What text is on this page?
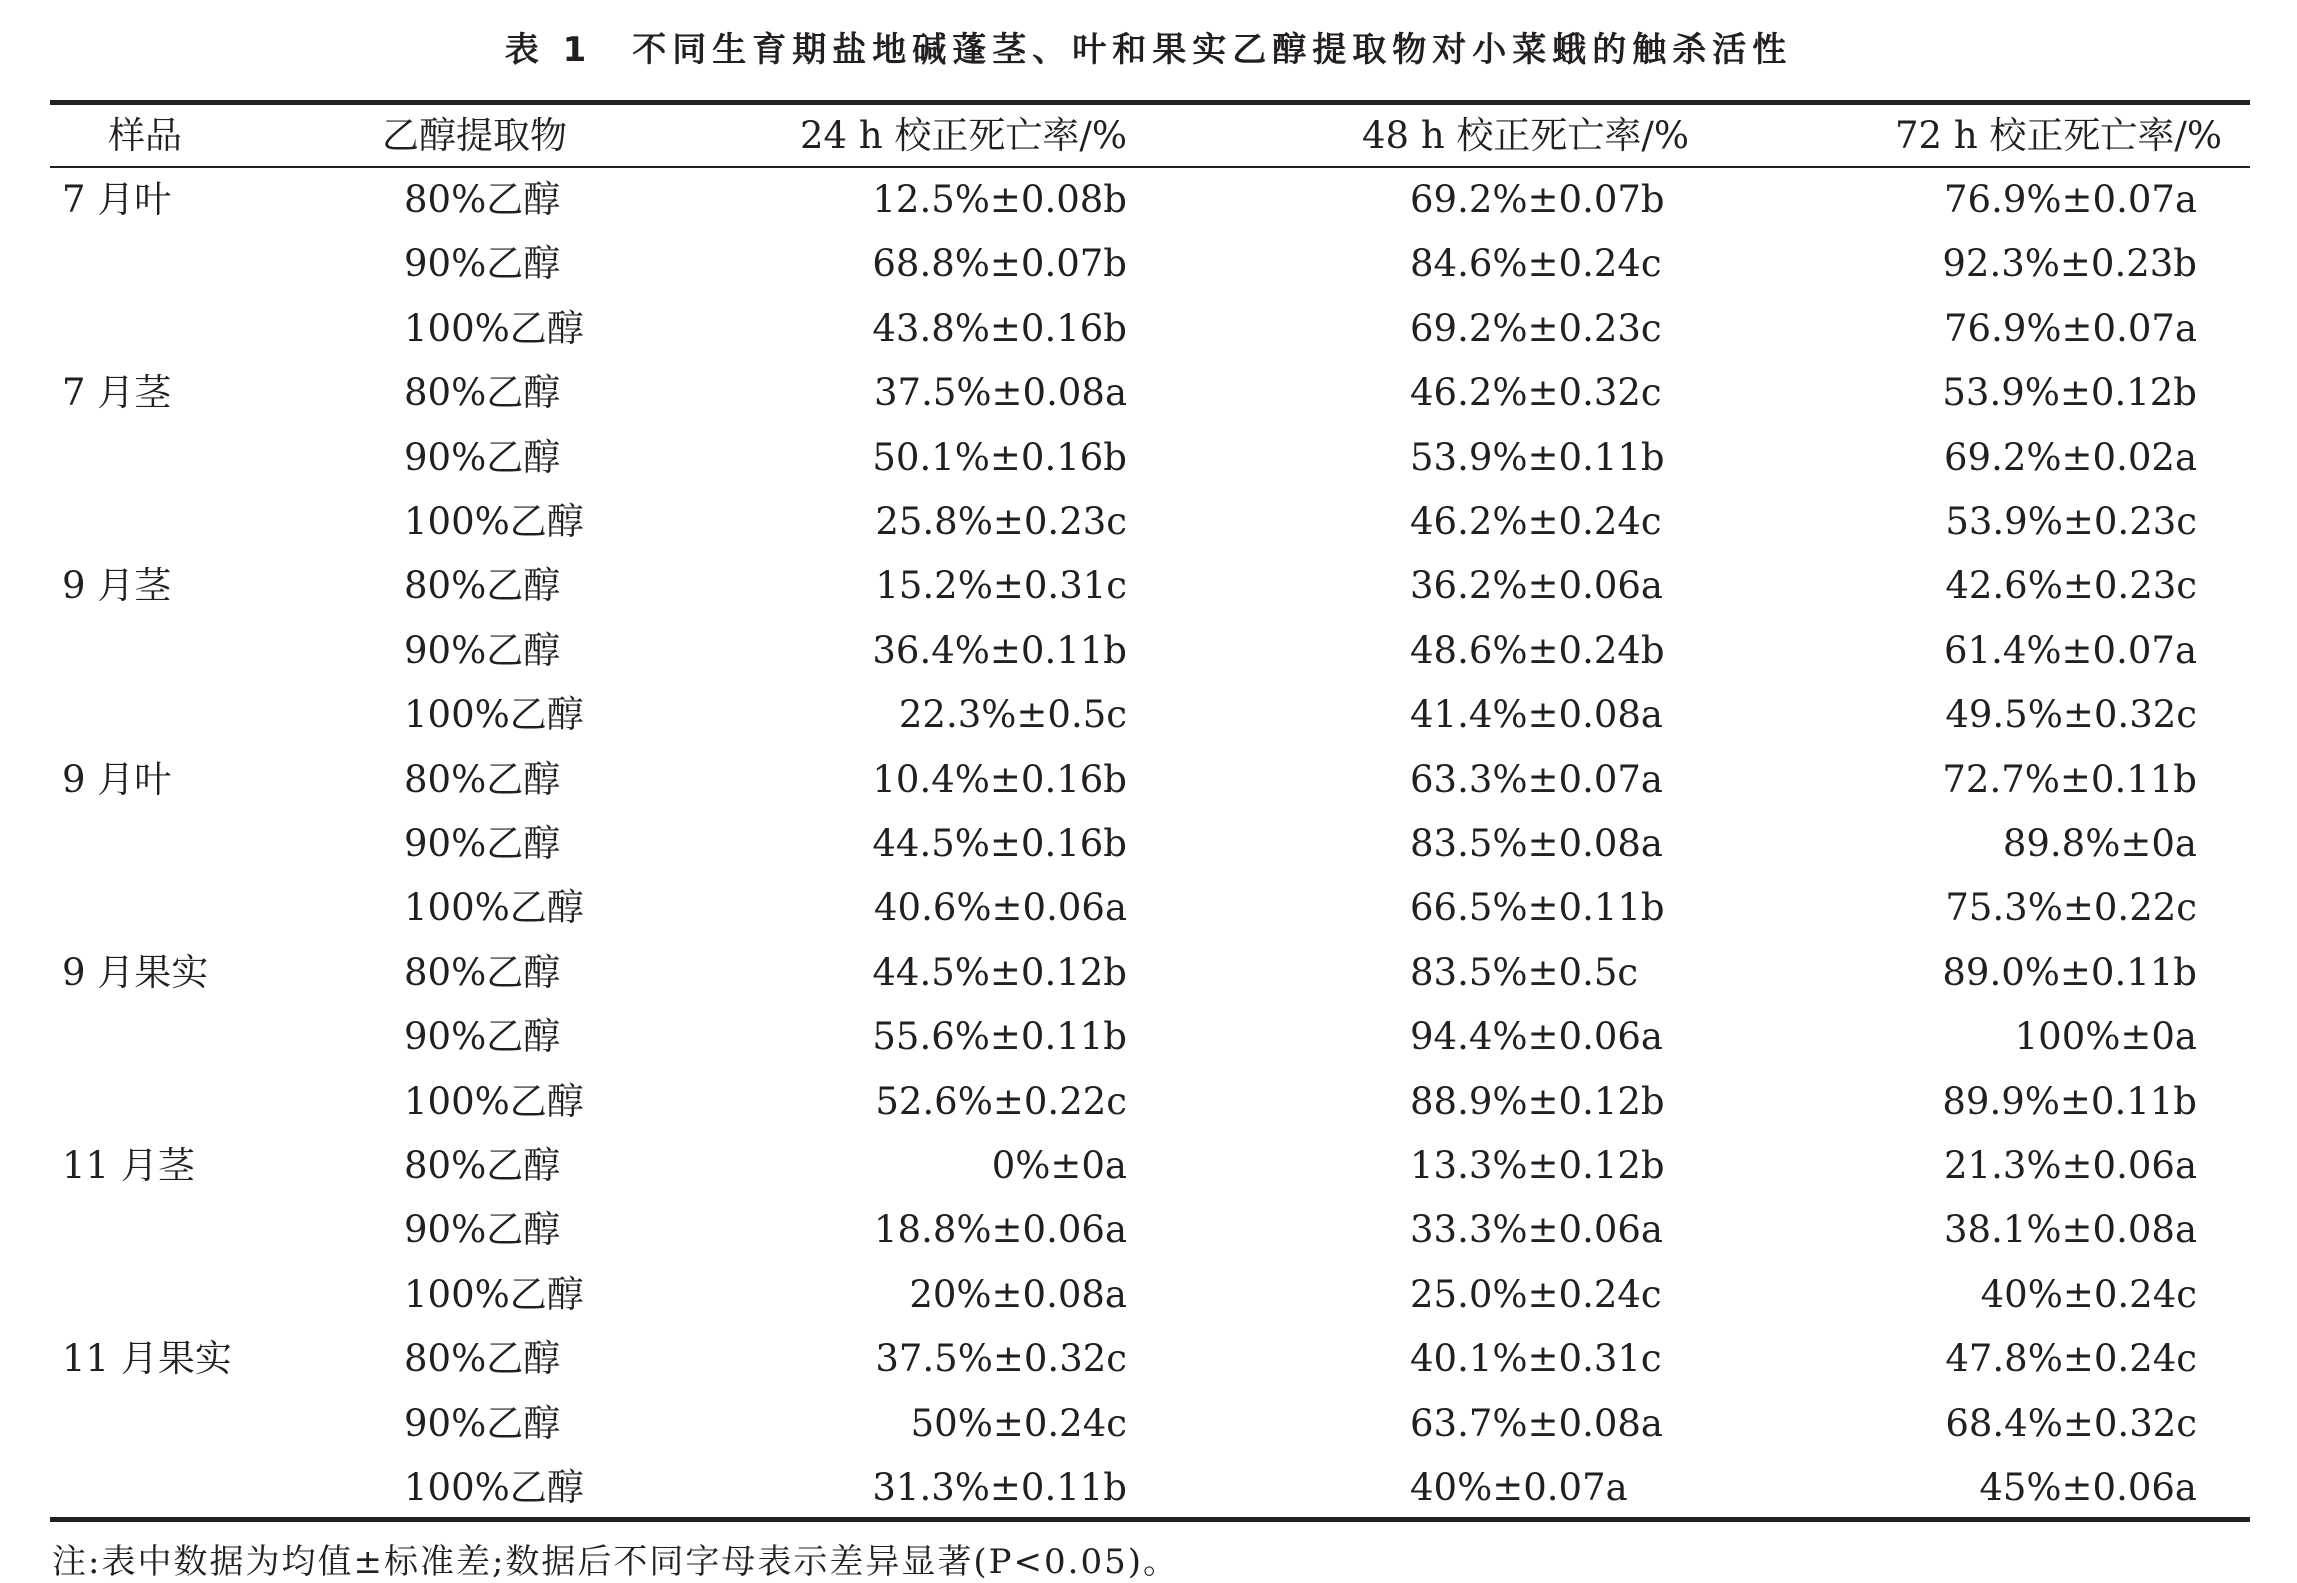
表 1　不同生育期盐地碱蓬茎、叶和果实乙醇提取物对小菜蛾的触杀活性
样品	乙醇提取物	24 h 校正死亡率/%	48 h 校正死亡率/%	72 h 校正死亡率/%
7 月叶	80%乙醇	12.5%±0.08b	69.2%±0.07b	76.9%±0.07a
90%乙醇	68.8%±0.07b	84.6%±0.24c	92.3%±0.23b
100%乙醇	43.8%±0.16b	69.2%±0.23c	76.9%±0.07a
7 月茎	80%乙醇	37.5%±0.08a	46.2%±0.32c	53.9%±0.12b
90%乙醇	50.1%±0.16b	53.9%±0.11b	69.2%±0.02a
100%乙醇	25.8%±0.23c	46.2%±0.24c	53.9%±0.23c
9 月茎	80%乙醇	15.2%±0.31c	36.2%±0.06a	42.6%±0.23c
90%乙醇	36.4%±0.11b	48.6%±0.24b	61.4%±0.07a
100%乙醇	22.3%±0.5c	41.4%±0.08a	49.5%±0.32c
9 月叶	80%乙醇	10.4%±0.16b	63.3%±0.07a	72.7%±0.11b
90%乙醇	44.5%±0.16b	83.5%±0.08a	89.8%±0a
100%乙醇	40.6%±0.06a	66.5%±0.11b	75.3%±0.22c
9 月果实	80%乙醇	44.5%±0.12b	83.5%±0.5c	89.0%±0.11b
90%乙醇	55.6%±0.11b	94.4%±0.06a	100%±0a
100%乙醇	52.6%±0.22c	88.9%±0.12b	89.9%±0.11b
11 月茎	80%乙醇	0%±0a	13.3%±0.12b	21.3%±0.06a
90%乙醇	18.8%±0.06a	33.3%±0.06a	38.1%±0.08a
100%乙醇	20%±0.08a	25.0%±0.24c	40%±0.24c
11 月果实	80%乙醇	37.5%±0.32c	40.1%±0.31c	47.8%±0.24c
90%乙醇	50%±0.24c	63.7%±0.08a	68.4%±0.32c
100%乙醇	31.3%±0.11b	40%±0.07a	45%±0.06a
注:表中数据为均值±标准差;数据后不同字母表示差异显著(P<0.05)。
